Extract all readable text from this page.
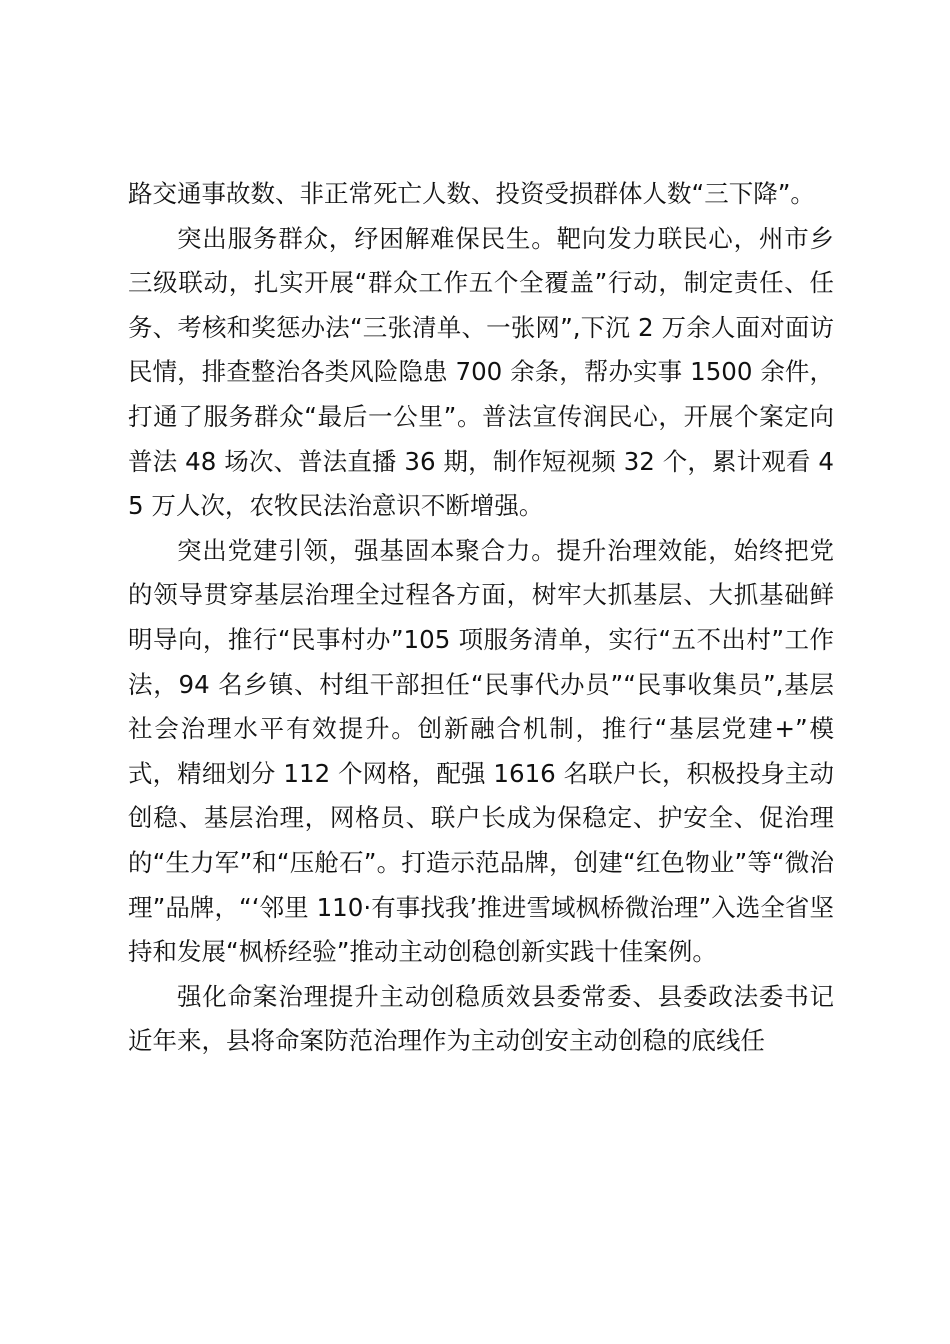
路交通事故数、非正常死亡人数、投资受损群体人数“三下降”。

突出服务群众，纾困解难保民生。靶向发力联民心，州市乡三级联动，扎实开展“群众工作五个全覆盖”行动，制定责任、任务、考核和奖惩办法“三张清单、一张网”,下沉 2 万余人面对面访民情，排查整治各类风险隐患 700 余条，帮办实事 1500 余件，打通了服务群众“最后一公里”。普法宣传润民心，开展个案定向普法 48 场次、普法直播 36 期，制作短视频 32 个，累计观看 45 万人次，农牧民法治意识不断增强。

突出党建引领，强基固本聚合力。提升治理效能，始终把党的领导贯穿基层治理全过程各方面，树牢大抓基层、大抓基础鲜明导向，推行“民事村办”105 项服务清单，实行“五不出村”工作法，94 名乡镇、村组干部担任“民事代办员”“民事收集员”,基层社会治理水平有效提升。创新融合机制，推行“基层党建+”模式，精细划分 112 个网格，配强 1616 名联户长，积极投身主动创稳、基层治理，网格员、联户长成为保稳定、护安全、促治理的“生力军”和“压舱石”。打造示范品牌，创建“红色物业”等“微治理”品牌，“‘邻里 110·有事找我’推进雪域枫桥微治理”入选全省坚持和发展“枫桥经验”推动主动创稳创新实践十佳案例。

强化命案治理提升主动创稳质效县委常委、县委政法委书记近年来，县将命案防范治理作为主动创安主动创稳的底线任
